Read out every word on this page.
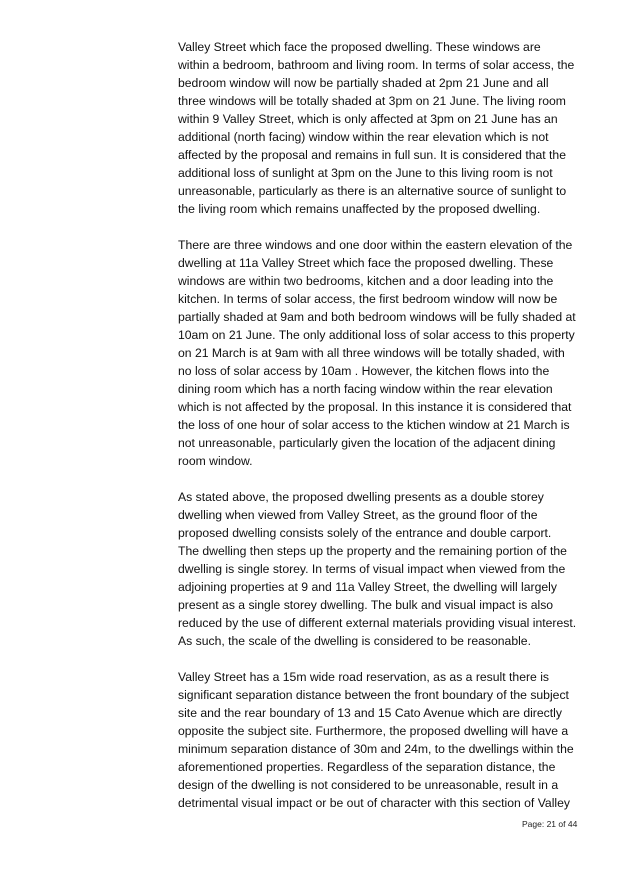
Valley Street which face the proposed dwelling. These windows are
within a bedroom, bathroom and living room. In terms of solar access, the
bedroom window will now be partially shaded at 2pm 21 June and all
three windows will be totally shaded at 3pm on 21 June. The living room
within 9 Valley Street, which is only affected at 3pm on 21 June has an
additional (north facing) window within the rear elevation which is not
affected by the proposal and remains in full sun. It is considered that the
additional loss of sunlight at 3pm on the June to this living room is not
unreasonable, particularly as there is an alternative source of sunlight to
the living room which remains unaffected by the proposed dwelling.
There are three windows and one door within the eastern elevation of the
dwelling at 11a Valley Street which face the proposed dwelling. These
windows are within two bedrooms, kitchen and a door leading into the
kitchen. In terms of solar access, the first bedroom window will now be
partially shaded at 9am and both bedroom windows will be fully shaded at
10am on 21 June. The only additional loss of solar access to this property
on 21 March is at 9am with all three windows will be totally shaded, with
no loss of solar access by 10am . However, the kitchen flows into the
dining room which has a north facing window within the rear elevation
which is not affected by the proposal. In this instance it is considered that
the loss of one hour of solar access to the ktichen window at 21 March is
not unreasonable, particularly given the location of the adjacent dining
room window.
As stated above, the proposed dwelling presents as a double storey
dwelling when viewed from Valley Street, as the ground floor of the
proposed dwelling consists solely of the entrance and double carport.
The dwelling then steps up the property and the remaining portion of the
dwelling is single storey. In terms of visual impact when viewed from the
adjoining properties at 9 and 11a Valley Street, the dwelling will largely
present as a single storey dwelling. The bulk and visual impact is also
reduced by the use of different external materials providing visual interest.
As such, the scale of the dwelling is considered to be reasonable.
Valley Street has a 15m wide road reservation, as as a result there is
significant separation distance between the front boundary of the subject
site and the rear boundary of 13 and 15 Cato Avenue which are directly
opposite the subject site. Furthermore, the proposed dwelling will have a
minimum separation distance of 30m and 24m, to the dwellings within the
aforementioned properties. Regardless of the separation distance, the
design of the dwelling is not considered to be unreasonable, result in a
detrimental visual impact or be out of character with this section of Valley
Page: 21 of 44
